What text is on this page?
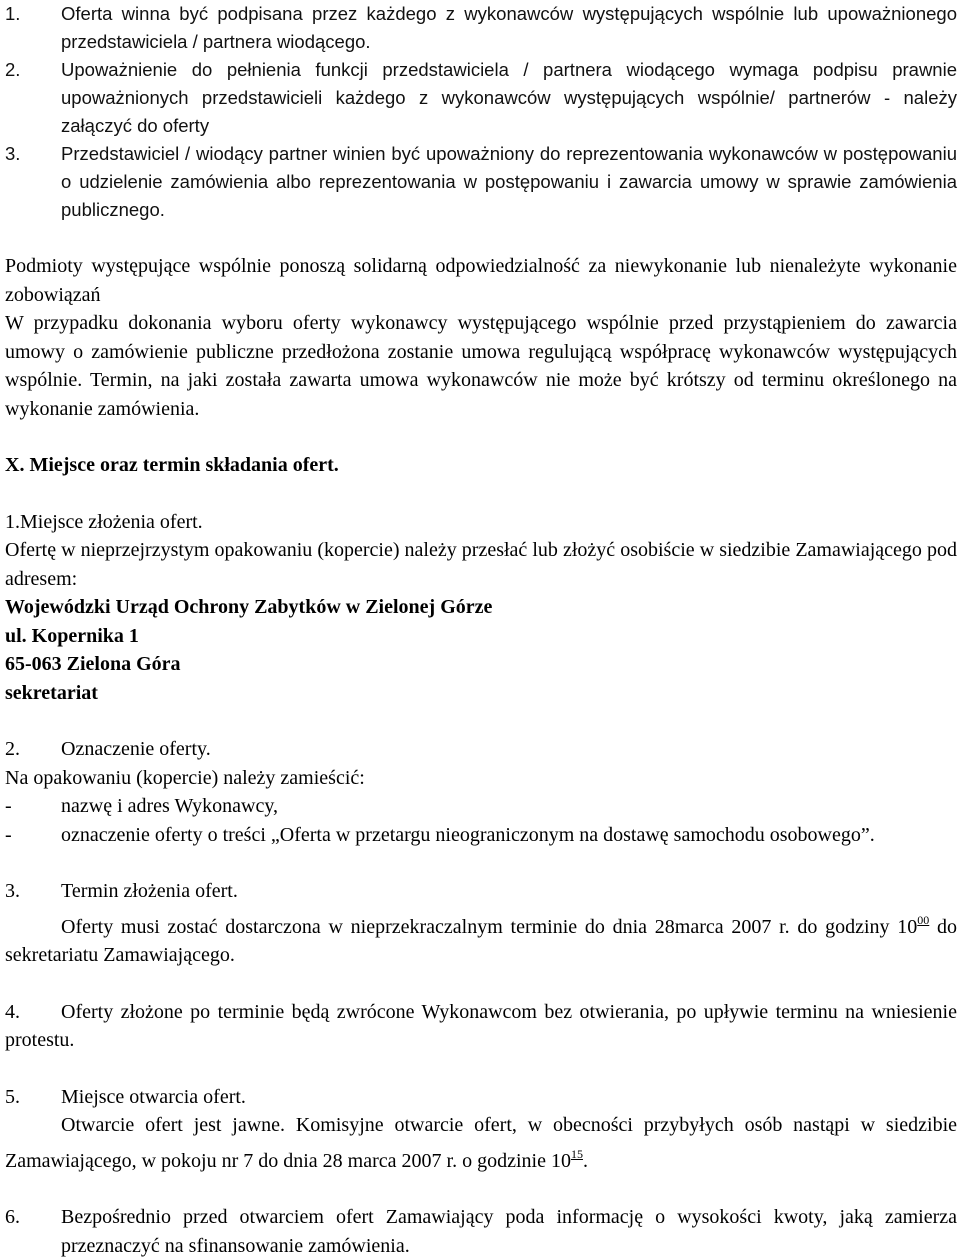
1. Oferta winna być podpisana przez każdego z wykonawców występujących wspólnie lub upoważnionego przedstawiciela / partnera wiodącego.
2. Upoważnienie do pełnienia funkcji przedstawiciela / partnera wiodącego wymaga podpisu prawnie upoważnionych przedstawicieli każdego z wykonawców występujących wspólnie/ partnerów - należy załączyć do oferty
3. Przedstawiciel / wiodący partner winien być upoważniony do reprezentowania wykonawców w postępowaniu o udzielenie zamówienia albo reprezentowania w postępowaniu i zawarcia umowy w sprawie zamówienia publicznego.
Podmioty występujące wspólnie ponoszą solidarną odpowiedzialność za niewykonanie lub nienależyte wykonanie zobowiązań
W przypadku dokonania wyboru oferty wykonawcy występującego wspólnie przed przystąpieniem do zawarcia umowy o zamówienie publiczne przedłożona zostanie umowa regulującą współpracę wykonawców występujących wspólnie. Termin, na jaki została zawarta umowa wykonawców nie może być krótszy od terminu określonego na wykonanie zamówienia.
X. Miejsce oraz termin składania ofert.
1.Miejsce złożenia ofert.
Ofertę w nieprzejrzystym opakowaniu (kopercie) należy przesłać lub złożyć osobiście w siedzibie Zamawiającego pod adresem:
Wojewódzki Urząd Ochrony Zabytków w Zielonej Górze
ul. Kopernika 1
65-063 Zielona Góra
sekretariat
2. Oznaczenie oferty.
Na opakowaniu (kopercie) należy zamieścić:
- nazwę i adres Wykonawcy,
- oznaczenie oferty o treści „Oferta w przetargu nieograniczonym na dostawę samochodu osobowego”.
3. Termin złożenia ofert.
Oferty musi zostać dostarczona w nieprzekraczalnym terminie do dnia 28marca 2007 r. do godziny $10^{00}$ do sekretariatu Zamawiającego.
4. Oferty złożone po terminie będą zwrócone Wykonawcom bez otwierania, po upływie terminu na wniesienie protestu.
5. Miejsce otwarcia ofert.
Otwarcie ofert jest jawne. Komisyjne otwarcie ofert, w obecności przybyłych osób nastąpi w siedzibie Zamawiającego, w pokoju nr 7 do dnia 28 marca 2007 r. o godzinie $10^{15}$.
6. Bezpośrednio przed otwarciem ofert Zamawiający poda informację o wysokości kwoty, jaką zamierza przeznaczyć na sfinansowanie zamówienia.
